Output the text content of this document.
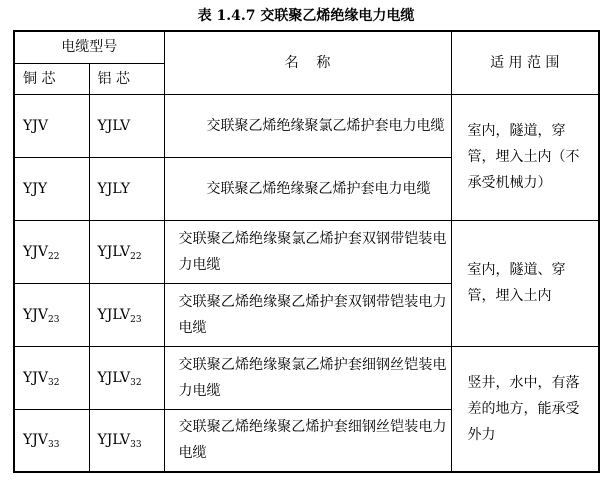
表 1.4.7 交联聚乙烯绝缘电力电缆
电缆型号		名    称	适 用 范 围
铜 芯	铝 芯		
YJV	YJLV	交联聚乙烯绝缘聚氯乙烯护套电力电缆	室内，隧道，穿管，埋入土内（不承受机械力）
YJY	YJLY	交联聚乙烯绝缘聚乙烯护套电力电缆	
$YJV_{22}$	$YJLV_{22}$	交联聚乙烯绝缘聚氯乙烯护套双钢带铠装电力电缆	室内，隧道、穿管，埋入土内
$YJV_{23}$	$YJLV_{23}$	交联聚乙烯绝缘聚乙烯护套双钢带铠装电力电缆	
$YJV_{32}$	$YJLV_{32}$	交联聚乙烯绝缘聚氯乙烯护套细钢丝铠装电力电缆	竖井，水中，有落差的地方，能承受外力
$YJV_{33}$	$YJLV_{33}$	交联聚乙烯绝缘聚乙烯护套细钢丝铠装电力电缆	
